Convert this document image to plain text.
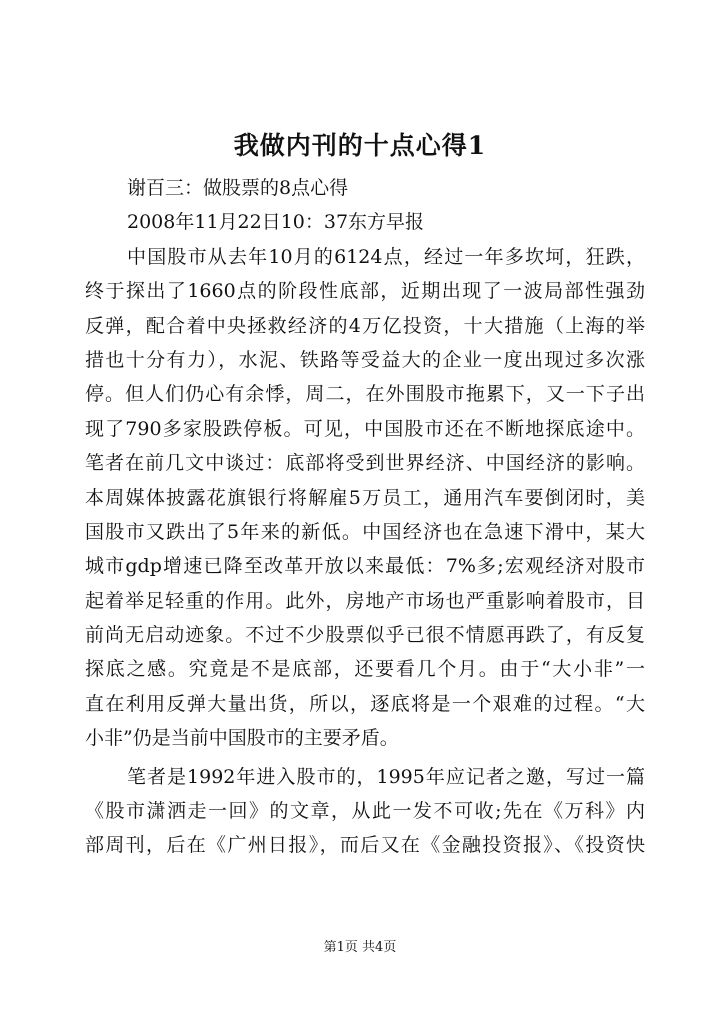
我做内刊的十点心得1
谢百三：做股票的8点心得
2008年11月22日10：37东方早报
中国股市从去年10月的6124点，经过一年多坎坷，狂跌，
终于探出了1660点的阶段性底部，近期出现了一波局部性强劲
反弹，配合着中央拯救经济的4万亿投资，十大措施（上海的举
措也十分有力），水泥、铁路等受益大的企业一度出现过多次涨
停。但人们仍心有余悸，周二，在外围股市拖累下，又一下子出
现了790多家股跌停板。可见，中国股市还在不断地探底途中。
笔者在前几文中谈过：底部将受到世界经济、中国经济的影响。
本周媒体披露花旗银行将解雇5万员工，通用汽车要倒闭时，美
国股市又跌出了5年来的新低。中国经济也在急速下滑中，某大
城市gdp增速已降至改革开放以来最低：7%多;宏观经济对股市
起着举足轻重的作用。此外，房地产市场也严重影响着股市，目
前尚无启动迹象。不过不少股票似乎已很不情愿再跌了，有反复
探底之感。究竟是不是底部，还要看几个月。由于“大小非”一
直在利用反弹大量出货，所以，逐底将是一个艰难的过程。“大
小非”仍是当前中国股市的主要矛盾。
笔者是1992年进入股市的，1995年应记者之邀，写过一篇
《股市潇洒走一回》的文章，从此一发不可收;先在《万科》内
部周刊，后在《广州日报》，而后又在《金融投资报》、《投资快
第1页 共4页
